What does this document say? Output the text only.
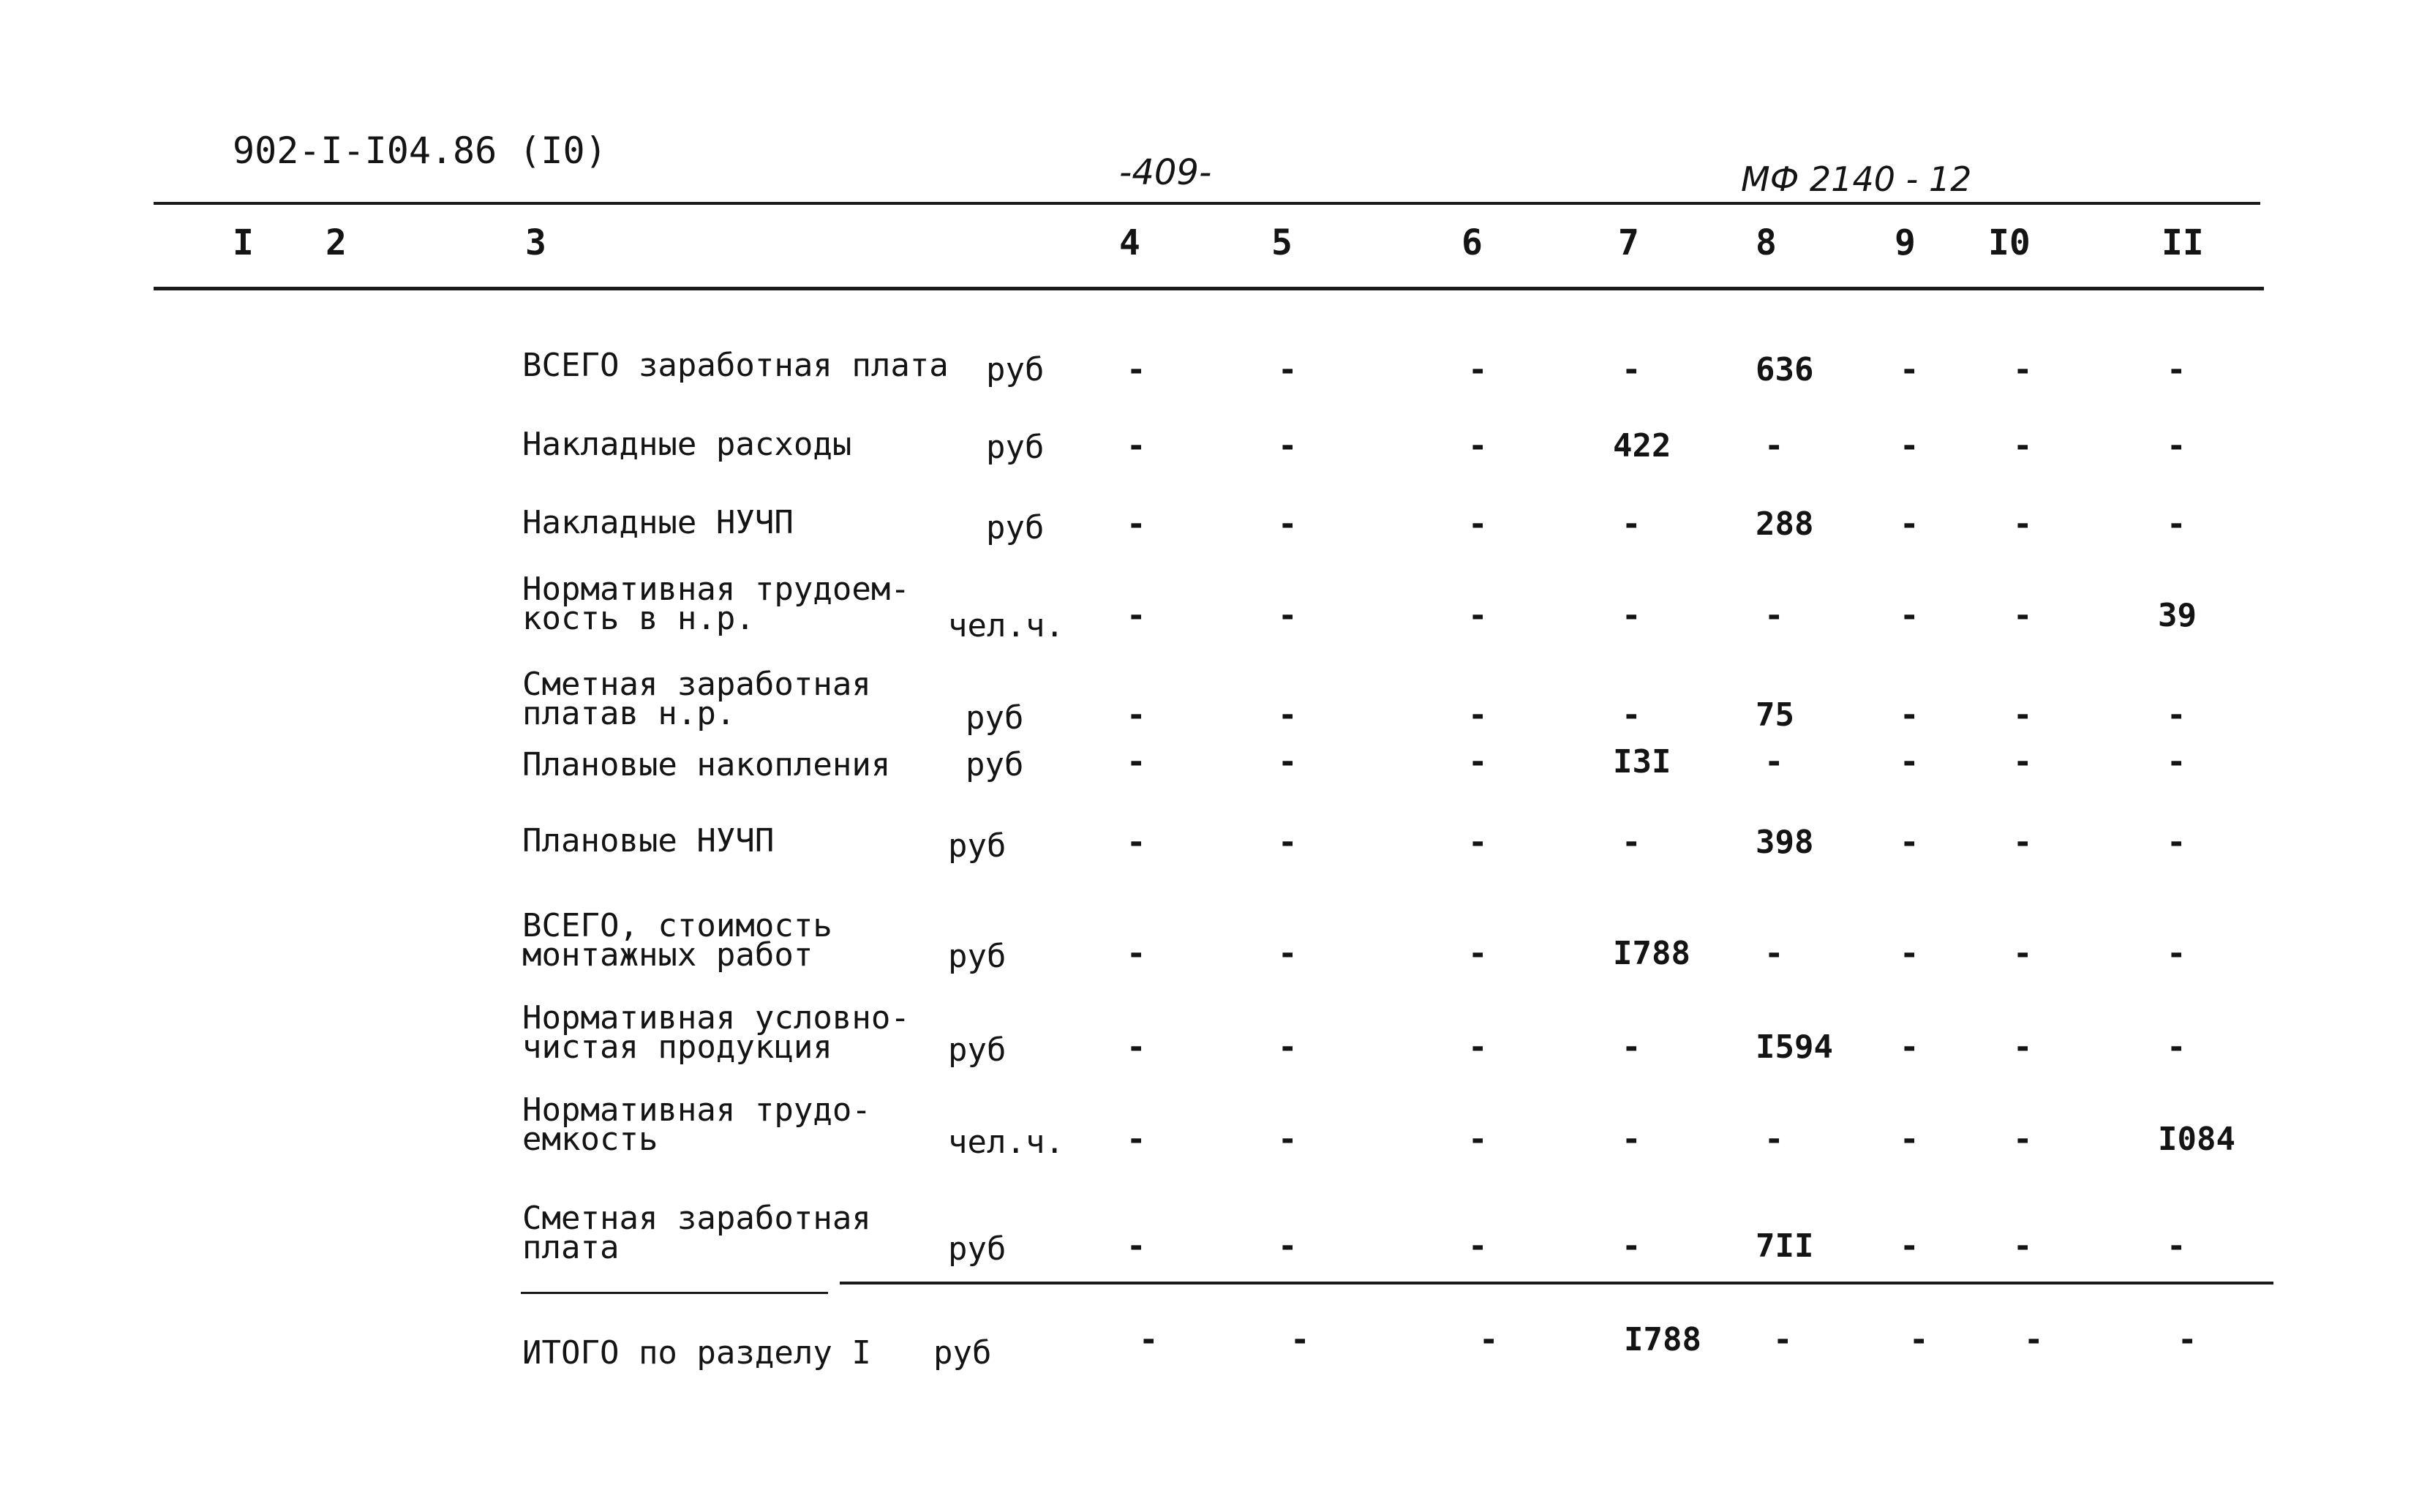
902-I-I04.86 (I0)
-409-	МФ 2140 - 12
I 2	3	4	5	6	7	8	9 I0	II
ВСЕГО заработная плата руб	-	-	-	-	636	-	-	-
Накладные расходы	руб	-	-	-	422	-	-	-	-
Накладные НУЧП	руб	-	-	-	-	288	-	-	-
Нормативная трудоем-
кость в н.р.	чел.ч. -	-	-	-	-	-	-	39
Сметная заработная
платав н.р.	руб	-	-	-	-	75	-	-	-
Плановые накопления руб	-	-	-	I3I	-	-	-	-
Плановые НУЧП	руб	-	-	-	-	398	-	-	-
ВСЕГО, стоимость
монтажных работ	руб	-	-	-	I788 -	-	-	-
Нормативная условно-
чистая продукция	руб	-	-	-	-	I594 -	-	-
Нормативная трудо-
емкость	чел.ч. -	-	-	-	-	-	-	I084
Сметная заработная
плата	руб	-	-	-	-	7II	-	-	-
ИТОГО по разделу I руб	-	-	-	I788 -	-	-	-
